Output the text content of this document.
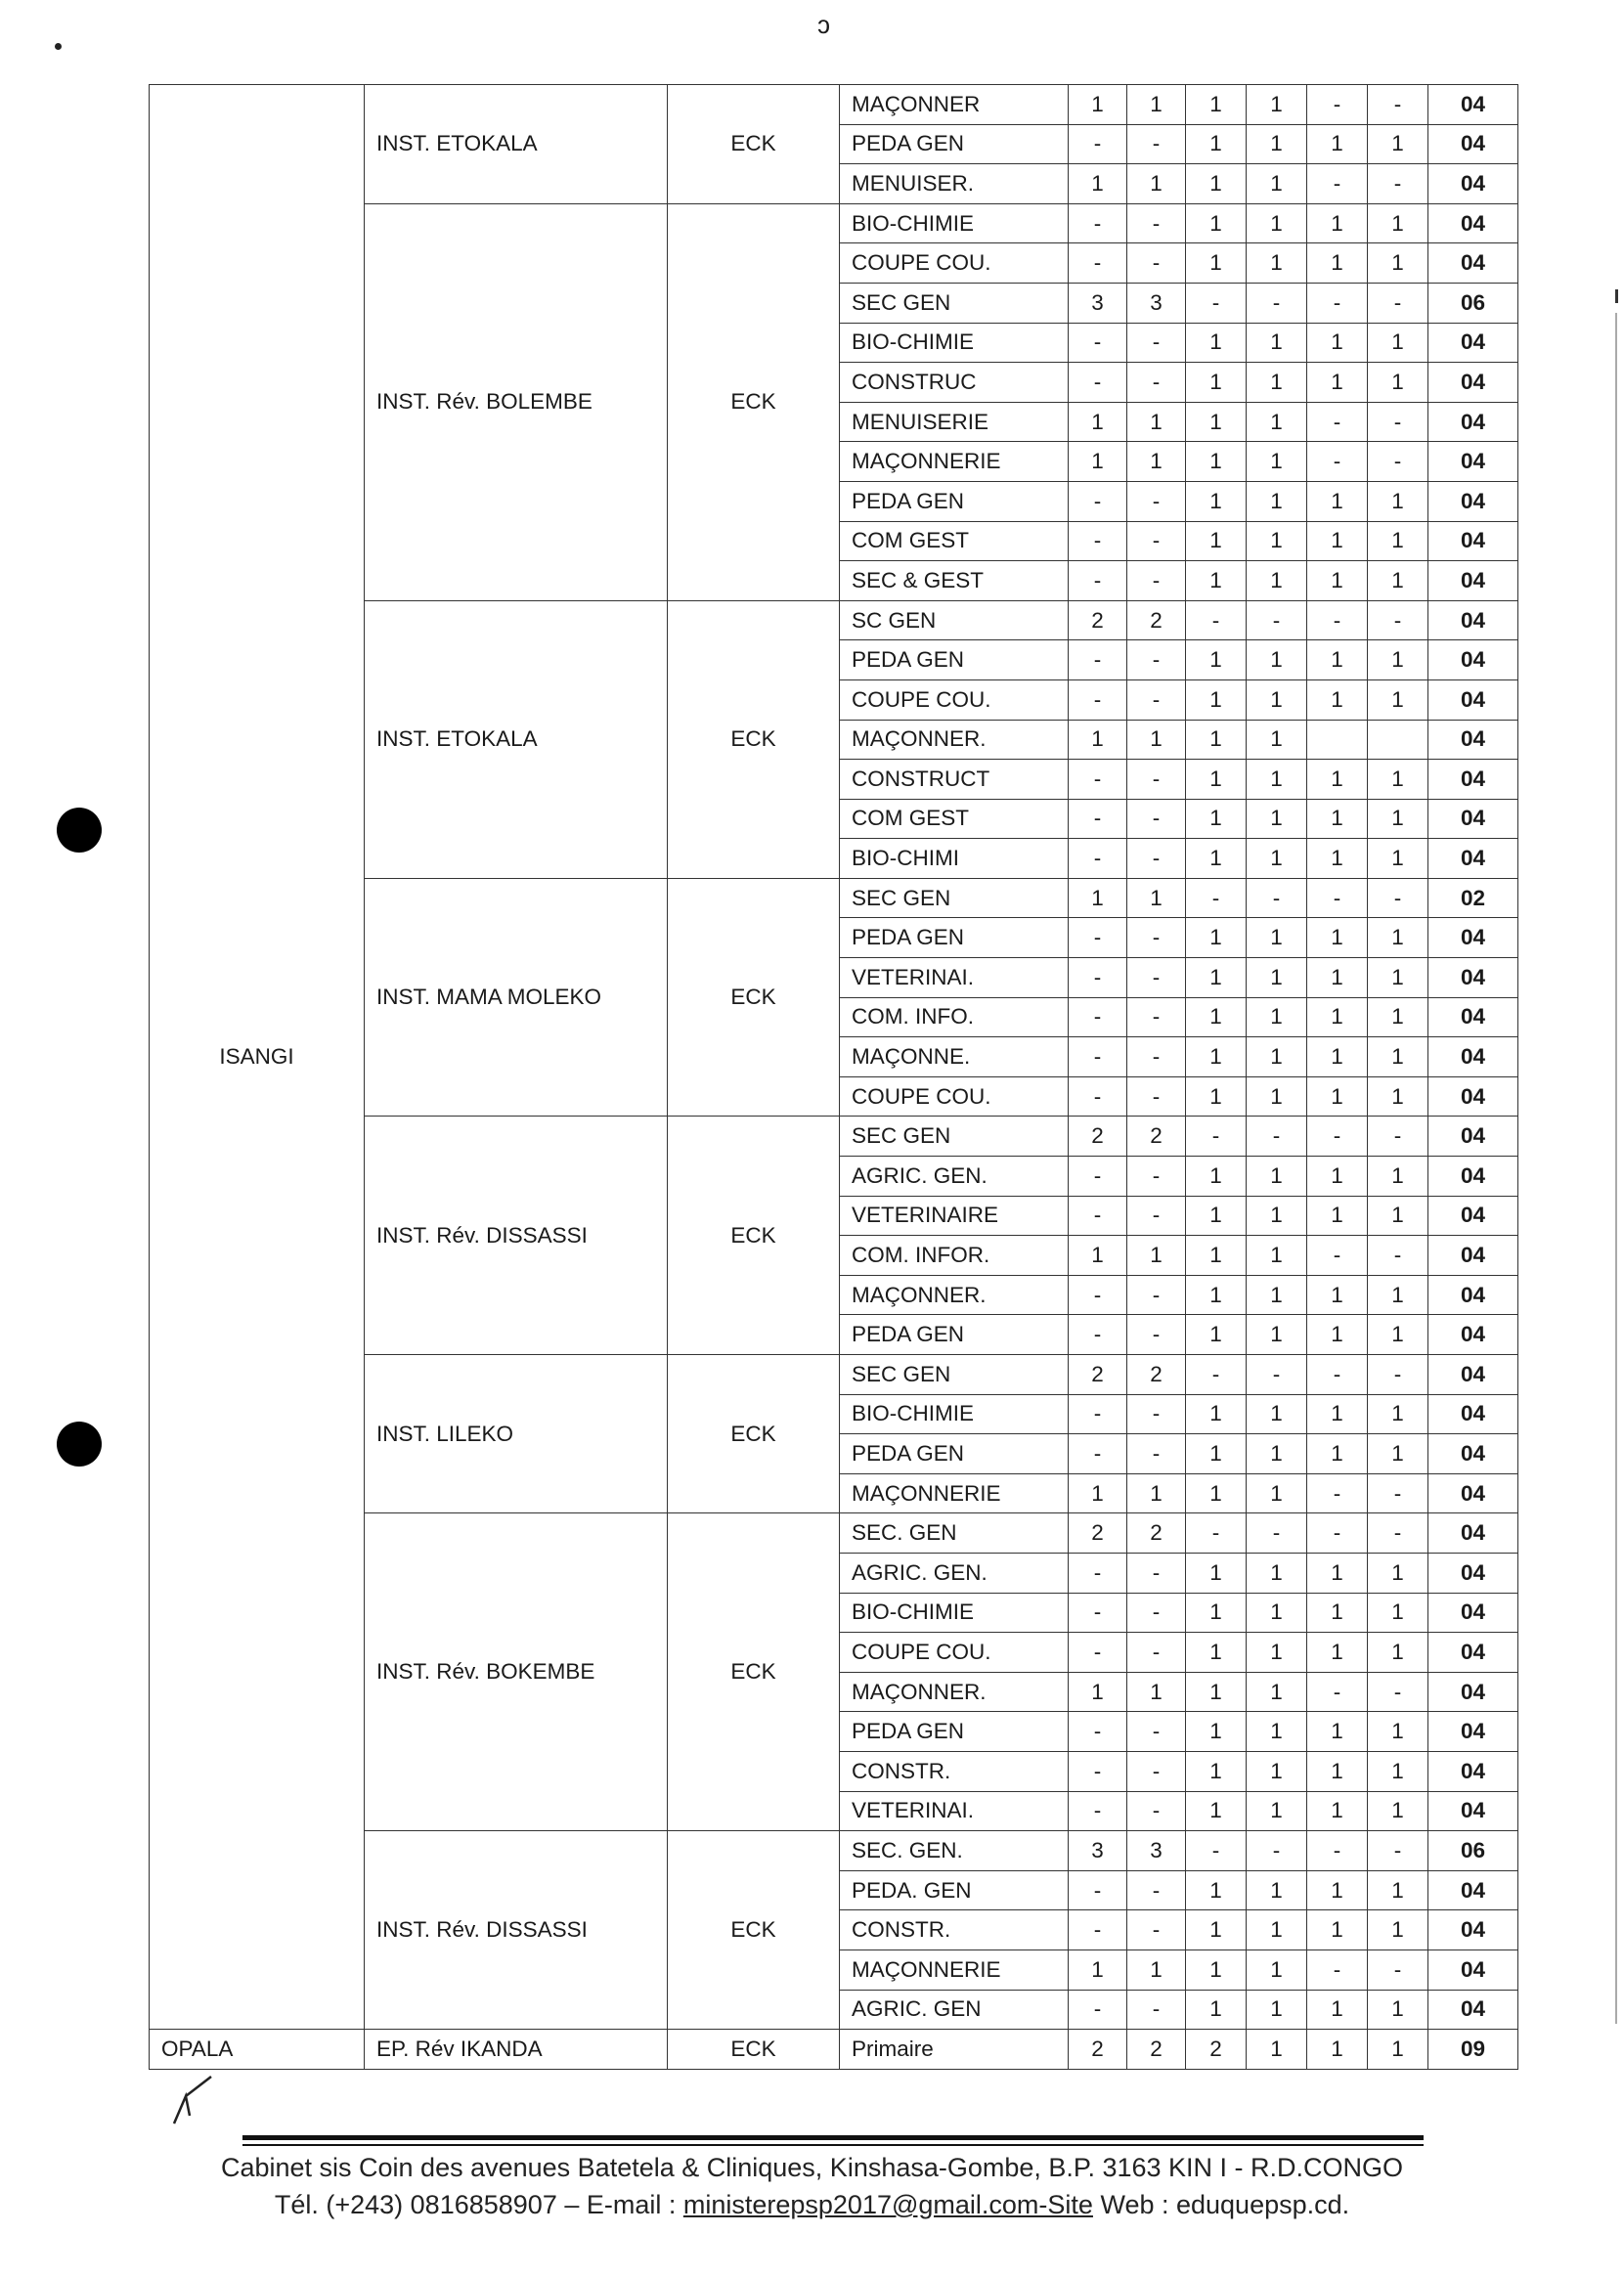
ɔ
ISANGI	INST. ETOKALA	ECK	MAÇONNER	1	1	1	1	-	-	04
			PEDA GEN	-	-	1	1	1	1	04
			MENUISER.	1	1	1	1	-	-	04
	INST. Rév. BOLEMBE	ECK	BIO-CHIMIE	-	-	1	1	1	1	04
			COUPE COU.	-	-	1	1	1	1	04
			SEC GEN	3	3	-	-	-	-	06
			BIO-CHIMIE	-	-	1	1	1	1	04
			CONSTRUC	-	-	1	1	1	1	04
			MENUISERIE	1	1	1	1	-	-	04
			MAÇONNERIE	1	1	1	1	-	-	04
			PEDA GEN	-	-	1	1	1	1	04
			COM GEST	-	-	1	1	1	1	04
			SEC & GEST	-	-	1	1	1	1	04
	INST. ETOKALA	ECK	SC GEN	2	2	-	-	-	-	04
			PEDA GEN	-	-	1	1	1	1	04
			COUPE COU.	-	-	1	1	1	1	04
			MAÇONNER.	1	1	1	1			04
			CONSTRUCT	-	-	1	1	1	1	04
			COM GEST	-	-	1	1	1	1	04
			BIO-CHIMI	-	-	1	1	1	1	04
	INST. MAMA MOLEKO	ECK	SEC GEN	1	1	-	-	-	-	02
			PEDA GEN	-	-	1	1	1	1	04
			VETERINAI.	-	-	1	1	1	1	04
			COM. INFO.	-	-	1	1	1	1	04
			MAÇONNE.	-	-	1	1	1	1	04
			COUPE COU.	-	-	1	1	1	1	04
	INST. Rév. DISSASSI	ECK	SEC GEN	2	2	-	-	-	-	04
			AGRIC. GEN.	-	-	1	1	1	1	04
			VETERINAIRE	-	-	1	1	1	1	04
			COM. INFOR.	1	1	1	1	-	-	04
			MAÇONNER.	-	-	1	1	1	1	04
			PEDA GEN	-	-	1	1	1	1	04
	INST. LILEKO	ECK	SEC GEN	2	2	-	-	-	-	04
			BIO-CHIMIE	-	-	1	1	1	1	04
			PEDA GEN	-	-	1	1	1	1	04
			MAÇONNERIE	1	1	1	1	-	-	04
	INST. Rév. BOKEMBE	ECK	SEC. GEN	2	2	-	-	-	-	04
			AGRIC. GEN.	-	-	1	1	1	1	04
			BIO-CHIMIE	-	-	1	1	1	1	04
			COUPE COU.	-	-	1	1	1	1	04
			MAÇONNER.	1	1	1	1	-	-	04
			PEDA GEN	-	-	1	1	1	1	04
			CONSTR.	-	-	1	1	1	1	04
			VETERINAI.	-	-	1	1	1	1	04
	INST. Rév. DISSASSI	ECK	SEC. GEN.	3	3	-	-	-	-	06
			PEDA. GEN	-	-	1	1	1	1	04
			CONSTR.	-	-	1	1	1	1	04
			MAÇONNERIE	1	1	1	1	-	-	04
			AGRIC. GEN	-	-	1	1	1	1	04
OPALA	EP. Rév IKANDA	ECK	Primaire	2	2	2	1	1	1	09
Cabinet sis Coin des avenues Batetela & Cliniques, Kinshasa-Gombe, B.P. 3163 KIN I - R.D.CONGO
Tél. (+243) 0816858907 – E-mail : ministerepsp2017@gmail.com-Site Web : eduquepsp.cd.
